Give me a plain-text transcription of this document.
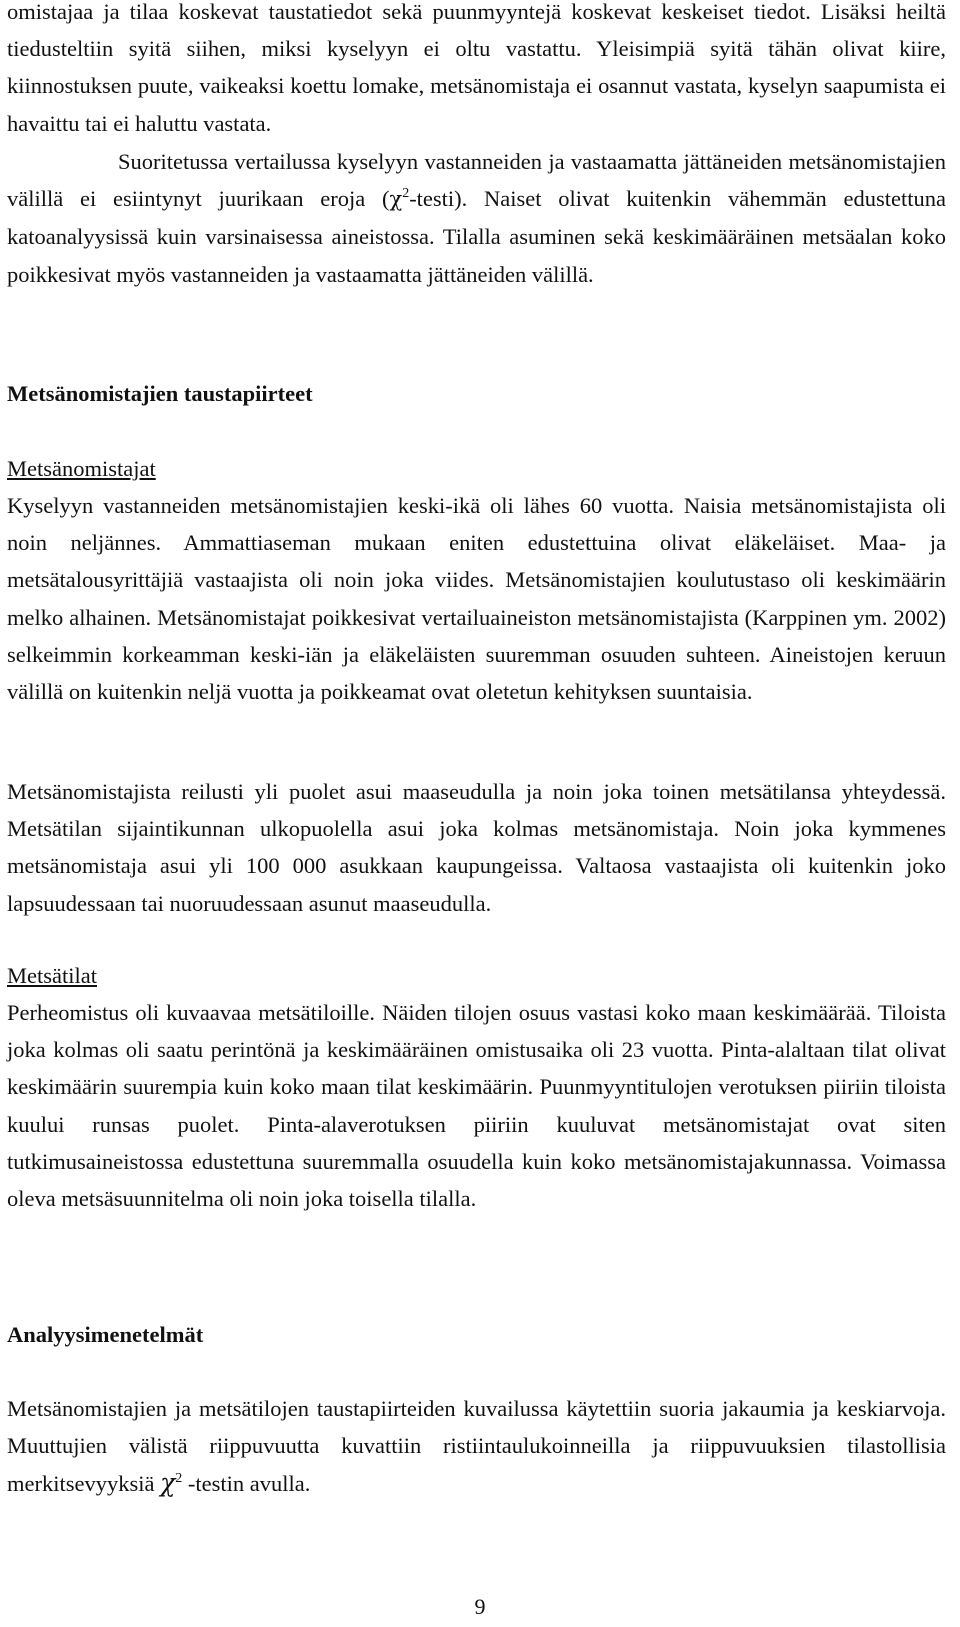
omistajaa ja tilaa koskevat taustatiedot sekä puunmyyntejä koskevat keskeiset tiedot. Lisäksi heiltä tiedusteltiin syitä siihen, miksi kyselyyn ei oltu vastattu. Yleisimpiä syitä tähän olivat kiire, kiinnostuksen puute, vaikeaksi koettu lomake, metsänomistaja ei osannut vastata, kyselyn saapumista ei havaittu tai ei haluttu vastata.

Suoritetussa vertailussa kyselyyn vastanneiden ja vastaamatta jättäneiden metsänomistajien välillä ei esiintynyt juurikaan eroja $(\chi^2-testi)$. Naiset olivat kuitenkin vähemmän edustettuna katoanalyysissä kuin varsinaisessa aineistossa. Tilalla asuminen sekä keskimääräinen metsäalan koko poikkesivat myös vastanneiden ja vastaamatta jättäneiden välillä.

Metsänomistajien taustapiirteet
Metsänomistajat

Kyselyyn vastanneiden metsänomistajien keski-ikä oli lähes 60 vuotta. Naisia metsänomistajista oli noin neljännes. Ammattiaseman mukaan eniten edustettuina olivat eläkeläiset. Maa- ja metsätalousyrittäjiä vastaajista oli noin joka viides. Metsänomistajien koulutustaso oli keskimäärin melko alhainen. Metsänomistajat poikkesivat vertailuaineiston metsänomistajista (Karppinen ym. 2002) selkeimmin korkeamman keski-iän ja eläkeläisten suuremman osuuden suhteen. Aineistojen keruun välillä on kuitenkin neljä vuotta ja poikkeamat ovat oletetun kehityksen suuntaisia.

Metsänomistajista reilusti yli puolet asui maaseudulla ja noin joka toinen metsätilansa yhteydessä. Metsätilan sijaintikunnan ulkopuolella asui joka kolmas metsänomistaja. Noin joka kymmenes metsänomistaja asui yli 100 000 asukkaan kaupungeissa. Valtaosa vastaajista oli kuitenkin joko lapsuudessaan tai nuoruudessaan asunut maaseudulla.

Metsätilat

Perheomistus oli kuvaavaa metsätiloille. Näiden tilojen osuus vastasi koko maan keskimäärää. Tiloista joka kolmas oli saatu perintönä ja keskimääräinen omistusaika oli 23 vuotta. Pinta-alaltaan tilat olivat keskimäärin suurempia kuin koko maan tilat keskimäärin. Puunmyyntitulojen verotuksen piiriin tiloista kuului runsas puolet. Pinta-alaverotuksen piiriin kuuluvat metsänomistajat ovat siten tutkimusaineistossa edustettuna suuremmalla osuudella kuin koko metsänomistajakunnassa. Voimassa oleva metsäsuunnitelma oli noin joka toisella tilalla.

Analyysimenetelmät

Metsänomistajien ja metsätilojen taustapiirteiden kuvailussa käytettiin suoria jakaumia ja keskiarvoja. Muuttujien välistä riippuvuutta kuvattiin ristiintaulukoinneilla ja riippuvuuksien tilastollisia merkitsevyyksiä $\chi^2$ -testin avulla.

9
